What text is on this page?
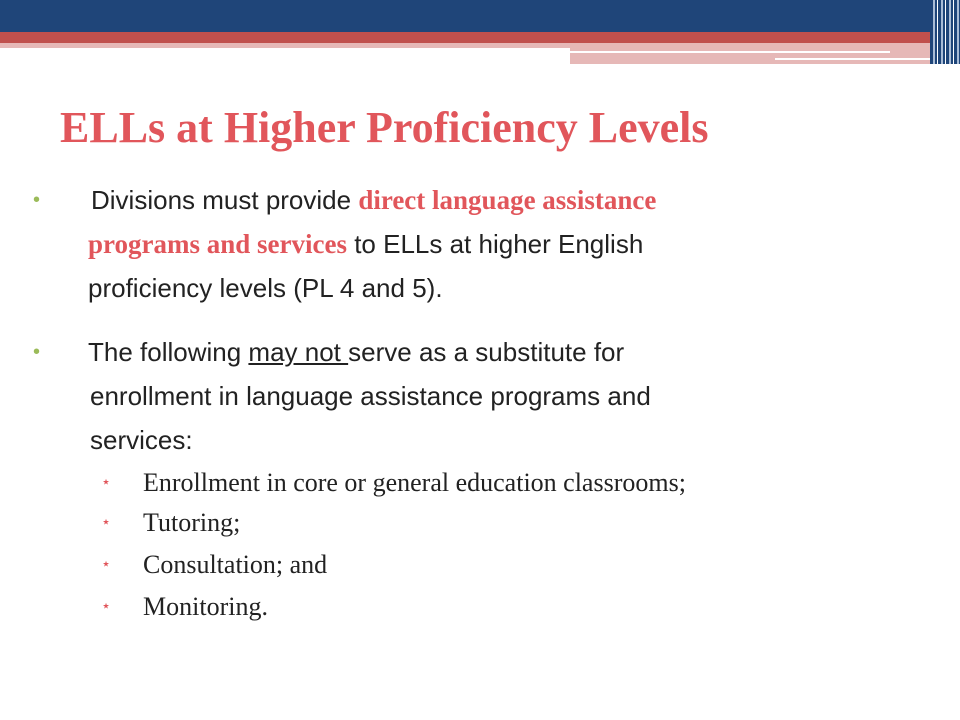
ELLs at Higher Proficiency Levels
• Divisions must provide direct language assistance
programs and services to ELLs at higher English
proficiency levels (PL 4 and 5).
• The following may not serve as a substitute for
enrollment in language assistance programs and
services:
⋆ Enrollment in core or general education classrooms;
⋆ Tutoring;
⋆ Consultation; and
⋆ Monitoring.
